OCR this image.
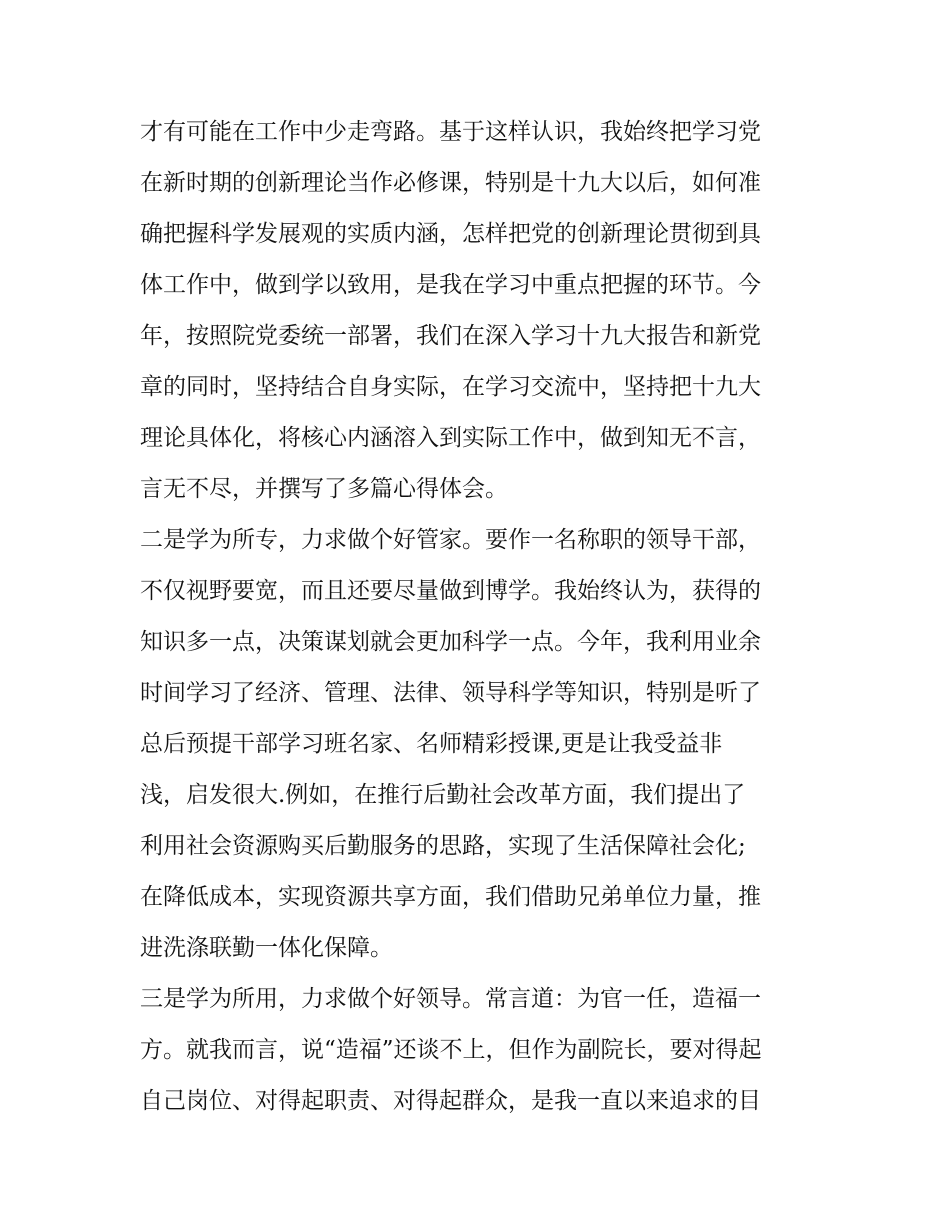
才有可能在工作中少走弯路。基于这样认识，我始终把学习党
在新时期的创新理论当作必修课，特别是十九大以后，如何准
确把握科学发展观的实质内涵，怎样把党的创新理论贯彻到具
体工作中，做到学以致用，是我在学习中重点把握的环节。今
年，按照院党委统一部署，我们在深入学习十九大报告和新党
章的同时，坚持结合自身实际，在学习交流中，坚持把十九大
理论具体化，将核心内涵溶入到实际工作中，做到知无不言，
言无不尽，并撰写了多篇心得体会。
二是学为所专，力求做个好管家。要作一名称职的领导干部，
不仅视野要宽，而且还要尽量做到博学。我始终认为，获得的
知识多一点，决策谋划就会更加科学一点。今年，我利用业余
时间学习了经济、管理、法律、领导科学等知识，特别是听了
总后预提干部学习班名家、名师精彩授课,更是让我受益非
浅，启发很大.例如，在推行后勤社会改革方面，我们提出了
利用社会资源购买后勤服务的思路，实现了生活保障社会化;
在降低成本，实现资源共享方面，我们借助兄弟单位力量，推
进洗涤联勤一体化保障。
三是学为所用，力求做个好领导。常言道：为官一任，造福一
方。就我而言，说“造福”还谈不上，但作为副院长，要对得起
自己岗位、对得起职责、对得起群众，是我一直以来追求的目
